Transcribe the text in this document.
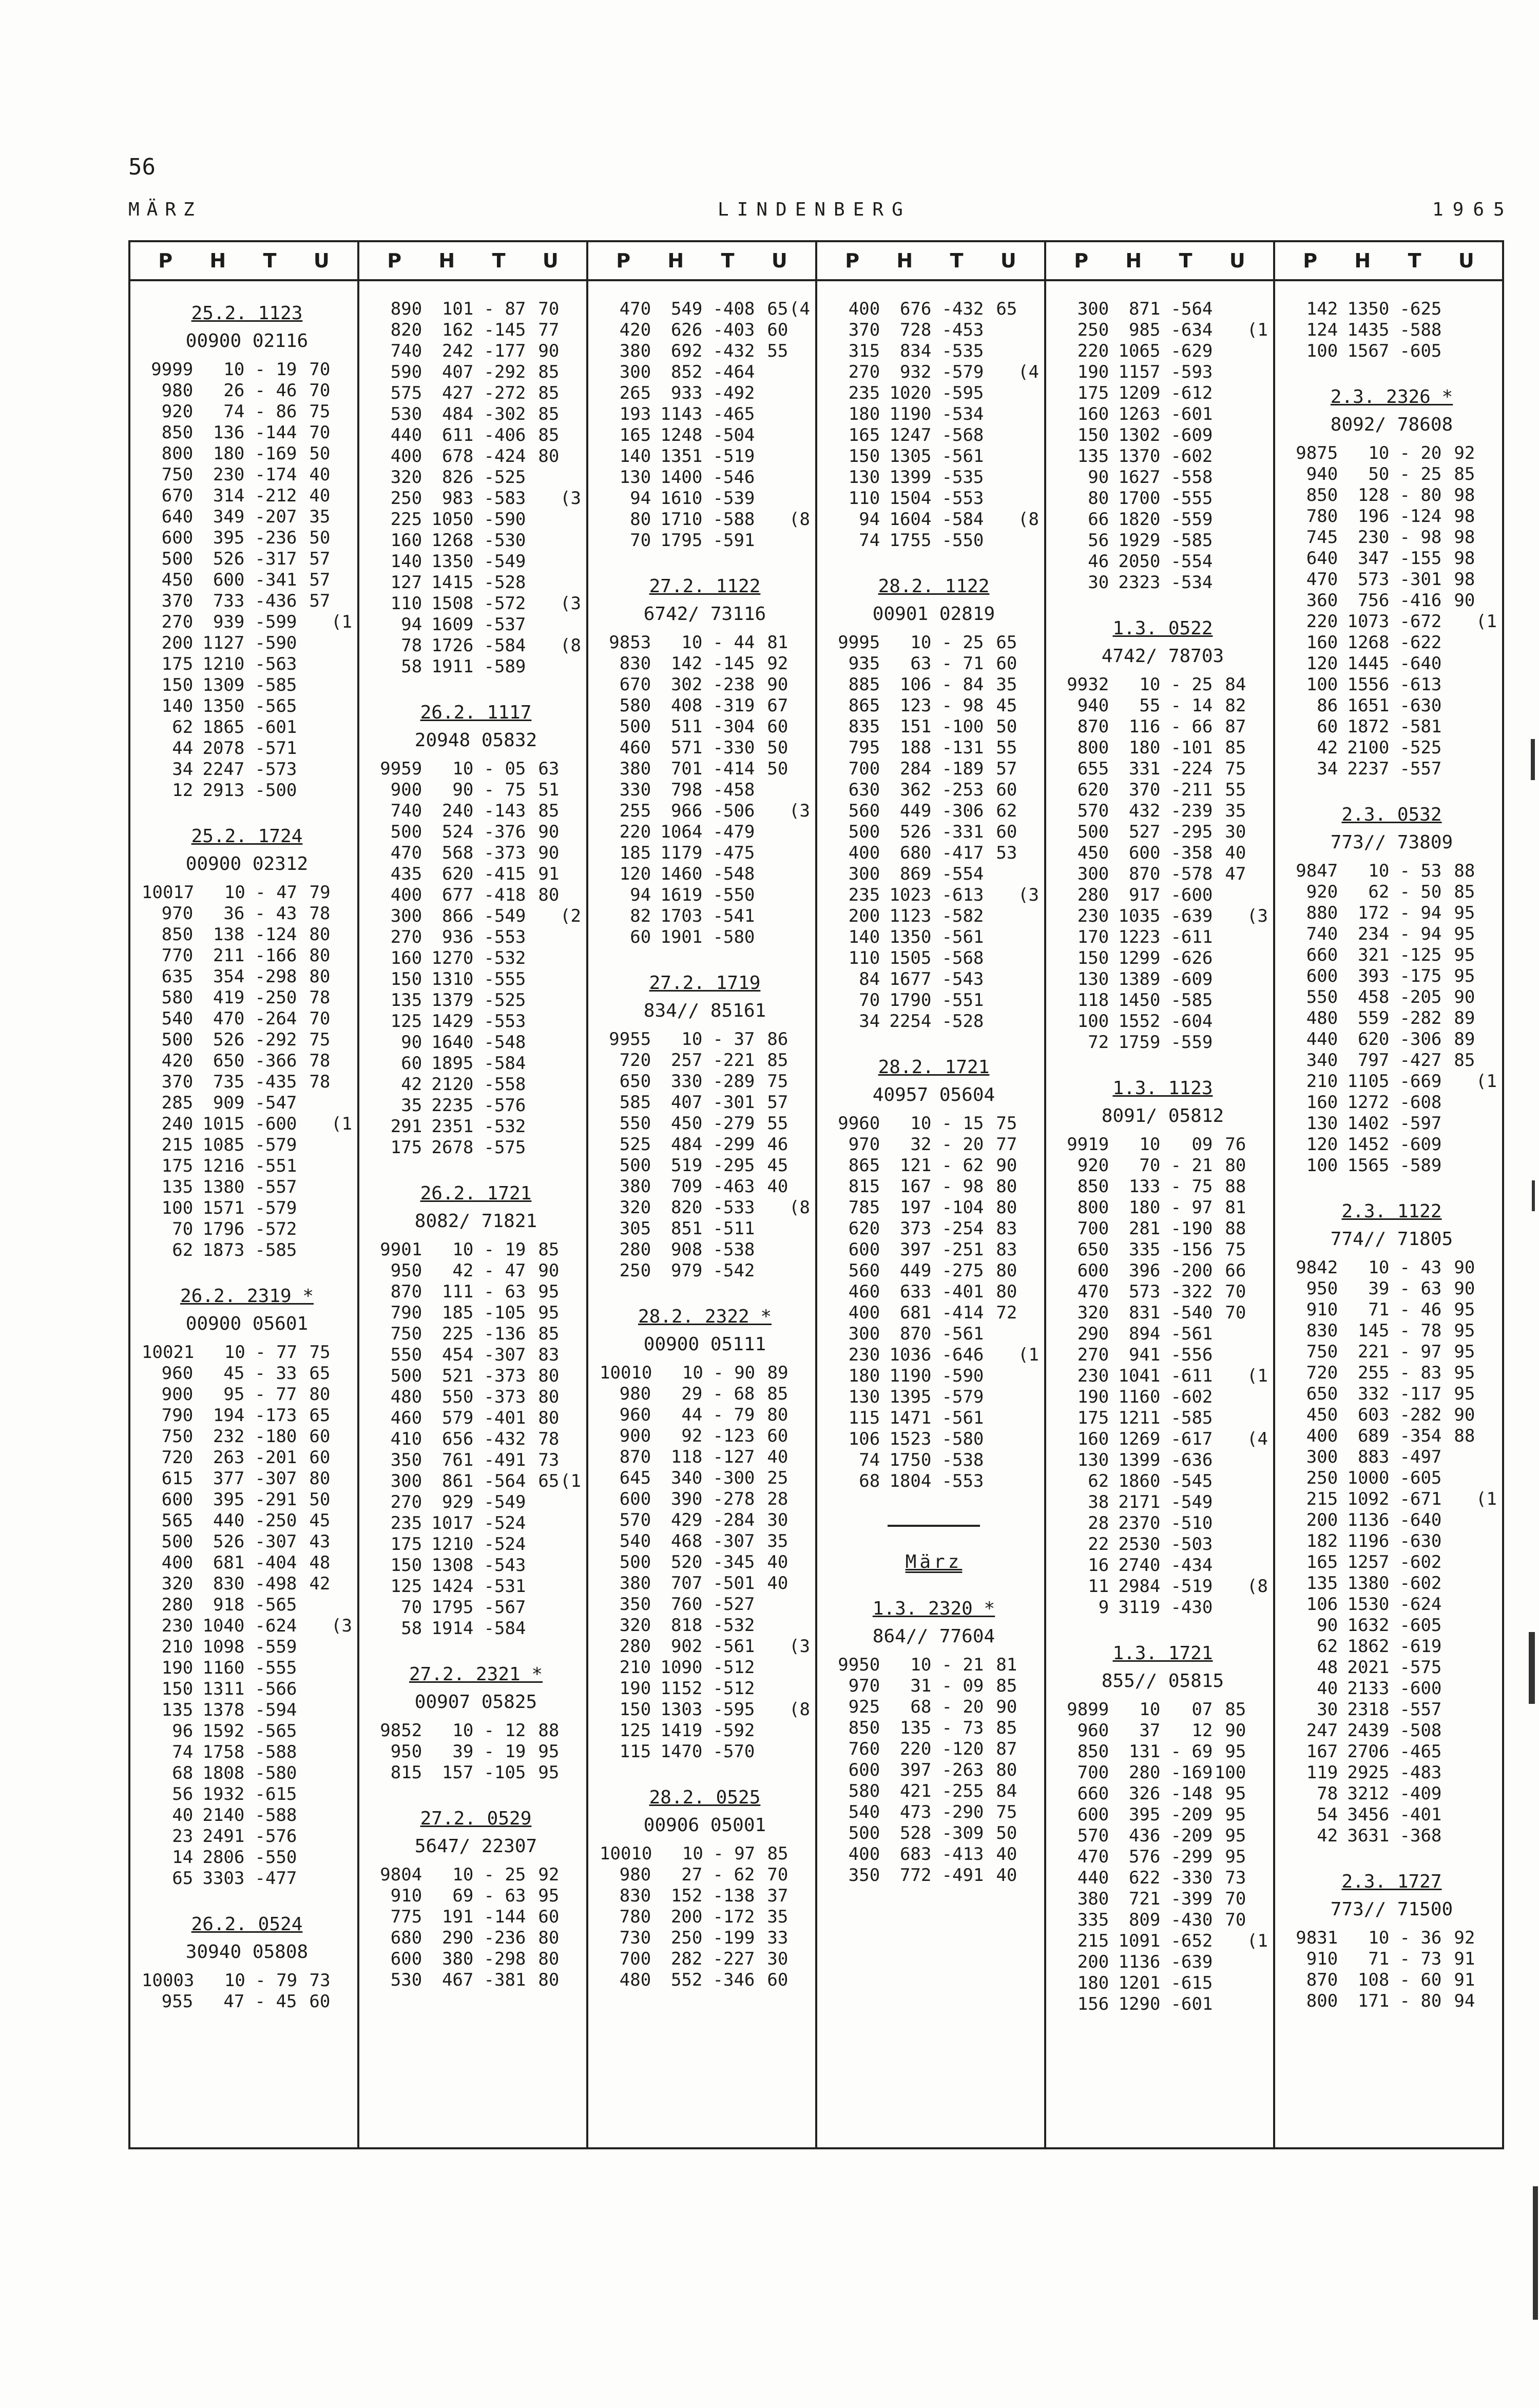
56
MÄRZ	LINDENBERG	1965
P H T U
25.2. 1123
00900 02116
9999	10 - 19 70
980	26 - 46 70
920	74 - 86 75
850	136 -144 70
800	180 -169 50
750	230 -174 40
670	314 -212 40
640	349 -207 35
600	395 -236 50
500	526 -317 57
450	600 -341 57
370	733 -436 57
270	939 -599 (1
200 1127 -590
175 1210 -563
150 1309 -585
140 1350 -565
62 1865 -601
44 2078 -571
34 2247 -573
12 2913 -500
25.2. 1724
00900 02312
10017	10 - 47 79
970	36 - 43 78
850	138 -124 80
770	211 -166 80
635	354 -298 80
580	419 -250 78
540	470 -264 70
500	526 -292 75
420	650 -366 78
370	735 -435 78
285	909 -547
240 1015 -600 (1
215 1085 -579
175 1216 -551
135 1380 -557
100 1571 -579
70 1796 -572
62 1873 -585
26.2. 2319 *
00900 05601
10021	10 - 77 75
960	45 - 33 65
900	95 - 77 80
790	194 -173 65
750	232 -180 60
720	263 -201 60
615	377 -307 80
600	395 -291 50
565	440 -250 45
500	526 -307 43
400	681 -404 48
320	830 -498 42
280	918 -565
230 1040 -624 (3
210 1098 -559
190 1160 -555
150 1311 -566
135 1378 -594
96 1592 -565
74 1758 -588
68 1808 -580
56 1932 -615
40 2140 -588
23 2491 -576
14 2806 -550
65 3303 -477
26.2. 0524
30940 05808
10003	10 - 79 73
955	47 - 45 60
P H T U
890	101 - 87 70
820	162 -145 77
740	242 -177 90
590	407 -292 85
575	427 -272 85
530	484 -302 85
440	611 -406 85
400	678 -424 80
320	826 -525
250	983 -583 (3
225 1050 -590
160 1268 -530
140 1350 -549
127 1415 -528
110 1508 -572 (3
94 1609 -537
78 1726 -584 (8
58 1911 -589
26.2. 1117
20948 05832
9959	10 - 05 63
900	90 - 75 51
740	240 -143 85
500	524 -376 90
470	568 -373 90
435	620 -415 91
400	677 -418 80
300	866 -549 (2
270	936 -553
160 1270 -532
150 1310 -555
135 1379 -525
125 1429 -553
90 1640 -548
60 1895 -584
42 2120 -558
35 2235 -576
291 2351 -532
175 2678 -575
26.2. 1721
8082/ 71821
9901	10 - 19 85
950	42 - 47 90
870	111 - 63 95
790	185 -105 95
750	225 -136 85
550	454 -307 83
500	521 -373 80
480	550 -373 80
460	579 -401 80
410	656 -432 78
350	761 -491 73
300	861 -564 65 (1
270	929 -549
235 1017 -524
175 1210 -524
150 1308 -543
125 1424 -531
70 1795 -567
58 1914 -584
27.2. 2321 *
00907 05825
9852	10 - 12 88
950	39 - 19 95
815	157 -105 95
27.2. 0529
5647/ 22307
9804	10 - 25 92
910	69 - 63 95
775	191 -144 60
680	290 -236 80
600	380 -298 80
530	467 -381 80
P H T U
470	549 -408 65 (4
420	626 -403 60
380	692 -432 55
300	852 -464
265	933 -492
193 1143 -465
165 1248 -504
140 1351 -519
130 1400 -546
94 1610 -539
80 1710 -588 (8
70 1795 -591
27.2. 1122
6742/ 73116
9853	10 - 44 81
830	142 -145 92
670	302 -238 90
580	408 -319 67
500	511 -304 60
460	571 -330 50
380	701 -414 50
330	798 -458
255	966 -506 (3
220 1064 -479
185 1179 -475
120 1460 -548
94 1619 -550
82 1703 -541
60 1901 -580
27.2. 1719
834// 85161
9955	10 - 37 86
720	257 -221 85
650	330 -289 75
585	407 -301 57
550	450 -279 55
525	484 -299 46
500	519 -295 45
380	709 -463 40
320	820 -533 (8
305	851 -511
280	908 -538
250	979 -542
28.2. 2322 *
00900 05111
10010	10 - 90 89
980	29 - 68 85
960	44 - 79 80
900	92 -123 60
870	118 -127 40
645	340 -300 25
600	390 -278 28
570	429 -284 30
540	468 -307 35
500	520 -345 40
380	707 -501 40
350	760 -527
320	818 -532
280	902 -561 (3
210 1090 -512
190 1152 -512
150 1303 -595 (8
125 1419 -592
115 1470 -570
28.2. 0525
00906 05001
10010	10 - 97 85
980	27 - 62 70
830	152 -138 37
780	200 -172 35
730	250 -199 33
700	282 -227 30
480	552 -346 60
P H T U
400	676 -432 65
370	728 -453
315	834 -535
270	932 -579 (4
235 1020 -595
180 1190 -534
165 1247 -568
150 1305 -561
130 1399 -535
110 1504 -553
94 1604 -584 (8
74 1755 -550
28.2. 1122
00901 02819
9995	10 - 25 65
935	63 - 71 60
885	106 - 84 35
865	123 - 98 45
835	151 -100 50
795	188 -131 55
700	284 -189 57
630	362 -253 60
560	449 -306 62
500	526 -331 60
400	680 -417 53
300	869 -554
235 1023 -613 (3
200 1123 -582
140 1350 -561
110 1505 -568
84 1677 -543
70 1790 -551
34 2254 -528
28.2. 1721
40957 05604
9960	10 - 15 75
970	32 - 20 77
865	121 - 62 90
815	167 - 98 80
785	197 -104 80
620	373 -254 83
600	397 -251 83
560	449 -275 80
460	633 -401 80
400	681 -414 72
300	870 -561
230 1036 -646 (1
180 1190 -590
130 1395 -579
115 1471 -561
106 1523 -580
74 1750 -538
68 1804 -553
März
1.3. 2320 *
864// 77604
9950	10 - 21 81
970	31 - 09 85
925	68 - 20 90
850	135 - 73 85
760	220 -120 87
600	397 -263 80
580	421 -255 84
540	473 -290 75
500	528 -309 50
400	683 -413 40
350	772 -491 40
P H T U
300	871 -564
250	985 -634 (1
220 1065 -629
190 1157 -593
175 1209 -612
160 1263 -601
150 1302 -609
135 1370 -602
90 1627 -558
80 1700 -555
66 1820 -559
56 1929 -585
46 2050 -554
30 2323 -534
1.3. 0522
4742/ 78703
9932	10 - 25 84
940	55 - 14 82
870	116 - 66 87
800	180 -101 85
655	331 -224 75
620	370 -211 55
570	432 -239 35
500	527 -295 30
450	600 -358 40
300	870 -578 47
280	917 -600
230 1035 -639 (3
170 1223 -611
150 1299 -626
130 1389 -609
118 1450 -585
100 1552 -604
72 1759 -559
1.3. 1123
8091/ 05812
9919	10	09 76
920	70 - 21 80
850	133 - 75 88
800	180 - 97 81
700	281 -190 88
650	335 -156 75
600	396 -200 66
470	573 -322 70
320	831 -540 70
290	894 -561
270	941 -556
230 1041 -611 (1
190 1160 -602
175 1211 -585
160 1269 -617 (4
130 1399 -636
62 1860 -545
38 2171 -549
28 2370 -510
22 2530 -503
16 2740 -434
11 2984 -519 (8
9 3119 -430
1.3. 1721
855// 05815
9899	10	07 85
960	37	12 90
850	131 - 69 95
700	280 -169 100
660	326 -148 95
600	395 -209 95
570	436 -209 95
470	576 -299 95
440	622 -330 73
380	721 -399 70
335	809 -430 70
215 1091 -652 (1
200 1136 -639
180 1201 -615
156 1290 -601
P H T U
142 1350 -625
124 1435 -588
100 1567 -605
2.3. 2326 *
8092/ 78608
9875	10 - 20 92
940	50 - 25 85
850	128 - 80 98
780	196 -124 98
745	230 - 98 98
640	347 -155 98
470	573 -301 98
360	756 -416 90
220 1073 -672 (1
160 1268 -622
120 1445 -640
100 1556 -613
86 1651 -630
60 1872 -581
42 2100 -525
34 2237 -557
2.3. 0532
773// 73809
9847	10 - 53 88
920	62 - 50 85
880	172 - 94 95
740	234 - 94 95
660	321 -125 95
600	393 -175 95
550	458 -205 90
480	559 -282 89
440	620 -306 89
340	797 -427 85
210 1105 -669 (1
160 1272 -608
130 1402 -597
120 1452 -609
100 1565 -589
2.3. 1122
774// 71805
9842	10 - 43 90
950	39 - 63 90
910	71 - 46 95
830	145 - 78 95
750	221 - 97 95
720	255 - 83 95
650	332 -117 95
450	603 -282 90
400	689 -354 88
300	883 -497
250 1000 -605
215 1092 -671 (1
200 1136 -640
182 1196 -630
165 1257 -602
135 1380 -602
106 1530 -624
90 1632 -605
62 1862 -619
48 2021 -575
40 2133 -600
30 2318 -557
247 2439 -508
167 2706 -465
119 2925 -483
78 3212 -409
54 3456 -401
42 3631 -368
2.3. 1727
773// 71500
9831	10 - 36 92
910	71 - 73 91
870	108 - 60 91
800	171 - 80 94
